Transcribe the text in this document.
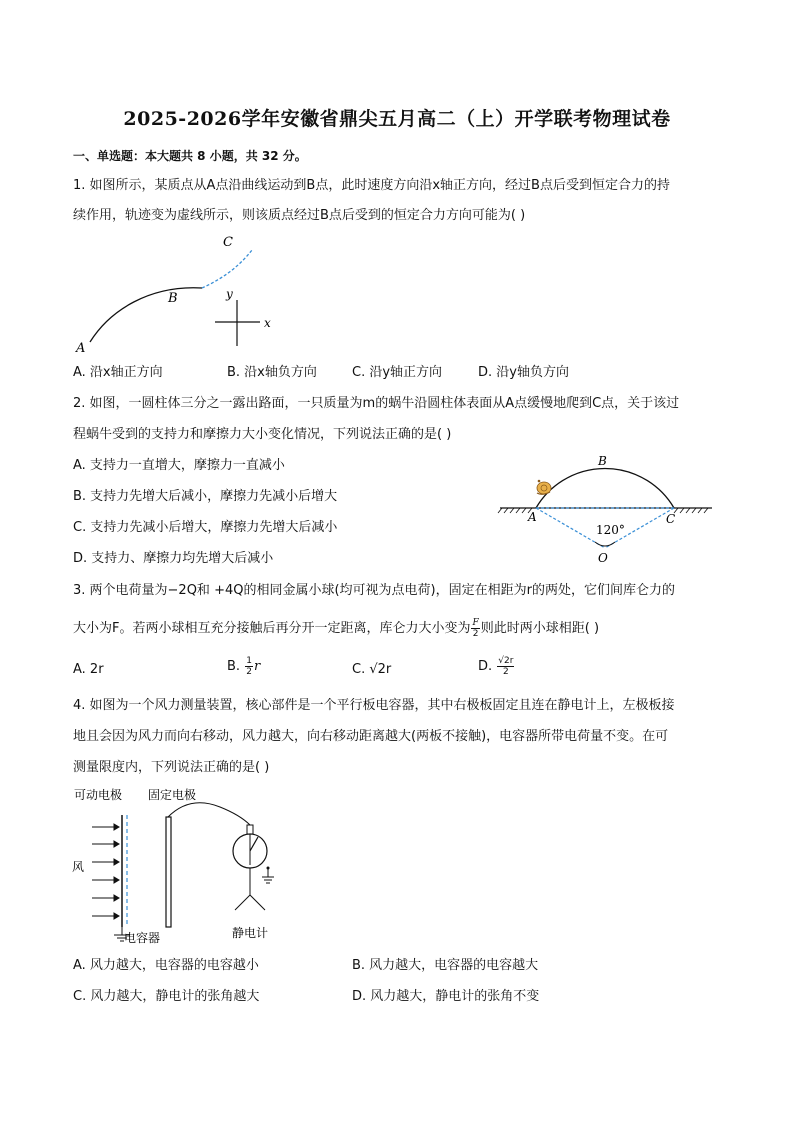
2025-2026学年安徽省鼎尖五月高二（上）开学联考物理试卷
一、单选题：本大题共 8 小题，共 32 分。
1. 如图所示，某质点从A点沿曲线运动到B点，此时速度方向沿x轴正方向，经过B点后受到恒定合力的持
续作用，轨迹变为虚线所示，则该质点经过B点后受到的恒定合力方向可能为( )
A
B
C
x
y
A. 沿x轴正方向	B. 沿x轴负方向	C. 沿y轴正方向	D. 沿y轴负方向
2. 如图，一圆柱体三分之一露出路面，一只质量为m的蜗牛沿圆柱体表面从A点缓慢地爬到C点，关于该过
程蜗牛受到的支持力和摩擦力大小变化情况，下列说法正确的是( )
A. 支持力一直增大，摩擦力一直减小
B. 支持力先增大后减小，摩擦力先减小后增大
C. 支持力先减小后增大，摩擦力先增大后减小
D. 支持力、摩擦力均先增大后减小
A
B
C
O
120°
3. 两个电荷量为−2Q和 +4Q的相同金属小球(均可视为点电荷)，固定在相距为r的两处，它们间库仑力的
大小为F。若两小球相互充分接触后再分开一定距离，库仑力大小变为 $\frac{F}{2}$ 则此时两小球相距( )
A. 2r	B. $\frac{1}{2}$ r	C. √2r	D. $\frac{√2r}{2}$
4. 如图为一个风力测量装置，核心部件是一个平行板电容器，其中右极板固定且连在静电计上，左极板接
地且会因为风力而向右移动，风力越大，向右移动距离越大(两板不接触)，电容器所带电荷量不变。在可
测量限度内，下列说法正确的是( )
可动电极 固定电极
风
电容器	静电计
A. 风力越大，电容器的电容越小	B. 风力越大，电容器的电容越大
C. 风力越大，静电计的张角越大	D. 风力越大，静电计的张角不变
